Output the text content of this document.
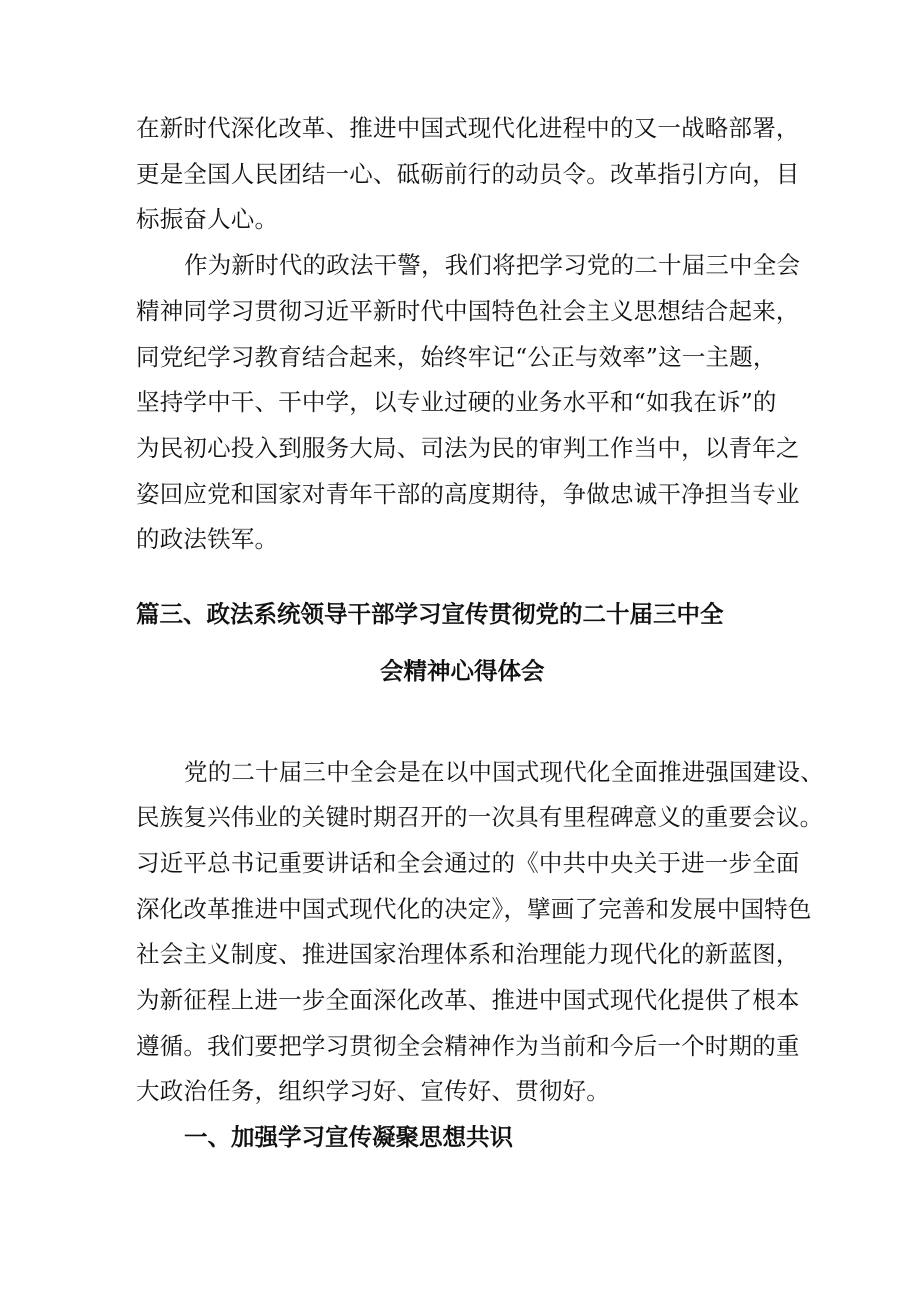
在新时代深化改革、推进中国式现代化进程中的又一战略部署，
更是全国人民团结一心、砥砺前行的动员令。改革指引方向，目
标振奋人心。
作为新时代的政法干警，我们将把学习党的二十届三中全会
精神同学习贯彻习近平新时代中国特色社会主义思想结合起来，
同党纪学习教育结合起来，始终牢记“公正与效率”这一主题，
坚持学中干、干中学，以专业过硬的业务水平和“如我在诉”的
为民初心投入到服务大局、司法为民的审判工作当中，以青年之
姿回应党和国家对青年干部的高度期待，争做忠诚干净担当专业
的政法铁军。
篇三、政法系统领导干部学习宣传贯彻党的二十届三中全
会精神心得体会
党的二十届三中全会是在以中国式现代化全面推进强国建设、
民族复兴伟业的关键时期召开的一次具有里程碑意义的重要会议。
习近平总书记重要讲话和全会通过的《中共中央关于进一步全面
深化改革推进中国式现代化的决定》，擘画了完善和发展中国特色
社会主义制度、推进国家治理体系和治理能力现代化的新蓝图，
为新征程上进一步全面深化改革、推进中国式现代化提供了根本
遵循。我们要把学习贯彻全会精神作为当前和今后一个时期的重
大政治任务，组织学习好、宣传好、贯彻好。
一、加强学习宣传凝聚思想共识
